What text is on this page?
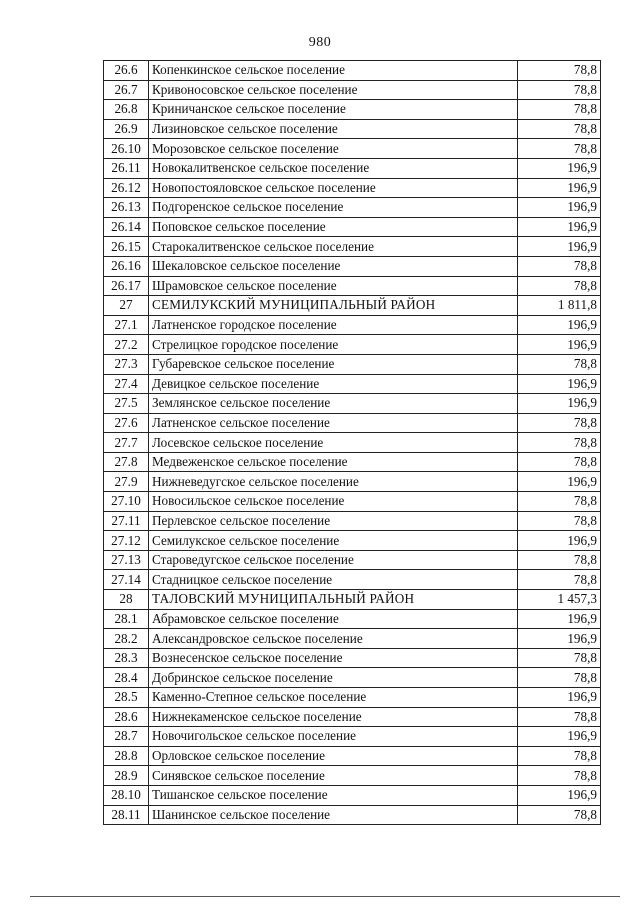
980
26.6	Копенкинское сельское поселение	78,8
26.7	Кривоносовское сельское поселение	78,8
26.8	Криничанское сельское поселение	78,8
26.9	Лизиновское сельское поселение	78,8
26.10	Морозовское сельское поселение	78,8
26.11	Новокалитвенское сельское поселение	196,9
26.12	Новопостояловское сельское поселение	196,9
26.13	Подгоренское сельское поселение	196,9
26.14	Поповское сельское поселение	196,9
26.15	Старокалитвенское сельское поселение	196,9
26.16	Шекаловское сельское поселение	78,8
26.17	Шрамовское сельское поселение	78,8
27	СЕМИЛУКСКИЙ МУНИЦИПАЛЬНЫЙ РАЙОН	1 811,8
27.1	Латненское городское поселение	196,9
27.2	Стрелицкое городское поселение	196,9
27.3	Губаревское сельское поселение	78,8
27.4	Девицкое сельское поселение	196,9
27.5	Землянское сельское поселение	196,9
27.6	Латненское сельское поселение	78,8
27.7	Лосевское сельское поселение	78,8
27.8	Медвеженское сельское поселение	78,8
27.9	Нижневедугское сельское поселение	196,9
27.10	Новосильское сельское поселение	78,8
27.11	Перлевское сельское поселение	78,8
27.12	Семилукское сельское поселение	196,9
27.13	Староведугское сельское поселение	78,8
27.14	Стадницкое сельское поселение	78,8
28	ТАЛОВСКИЙ МУНИЦИПАЛЬНЫЙ РАЙОН	1 457,3
28.1	Абрамовское сельское поселение	196,9
28.2	Александровское сельское поселение	196,9
28.3	Вознесенское сельское поселение	78,8
28.4	Добринское сельское поселение	78,8
28.5	Каменно-Степное сельское поселение	196,9
28.6	Нижнекаменское сельское поселение	78,8
28.7	Новочигольское сельское поселение	196,9
28.8	Орловское сельское поселение	78,8
28.9	Синявское сельское поселение	78,8
28.10	Тишанское сельское поселение	196,9
28.11	Шанинское сельское поселение	78,8
